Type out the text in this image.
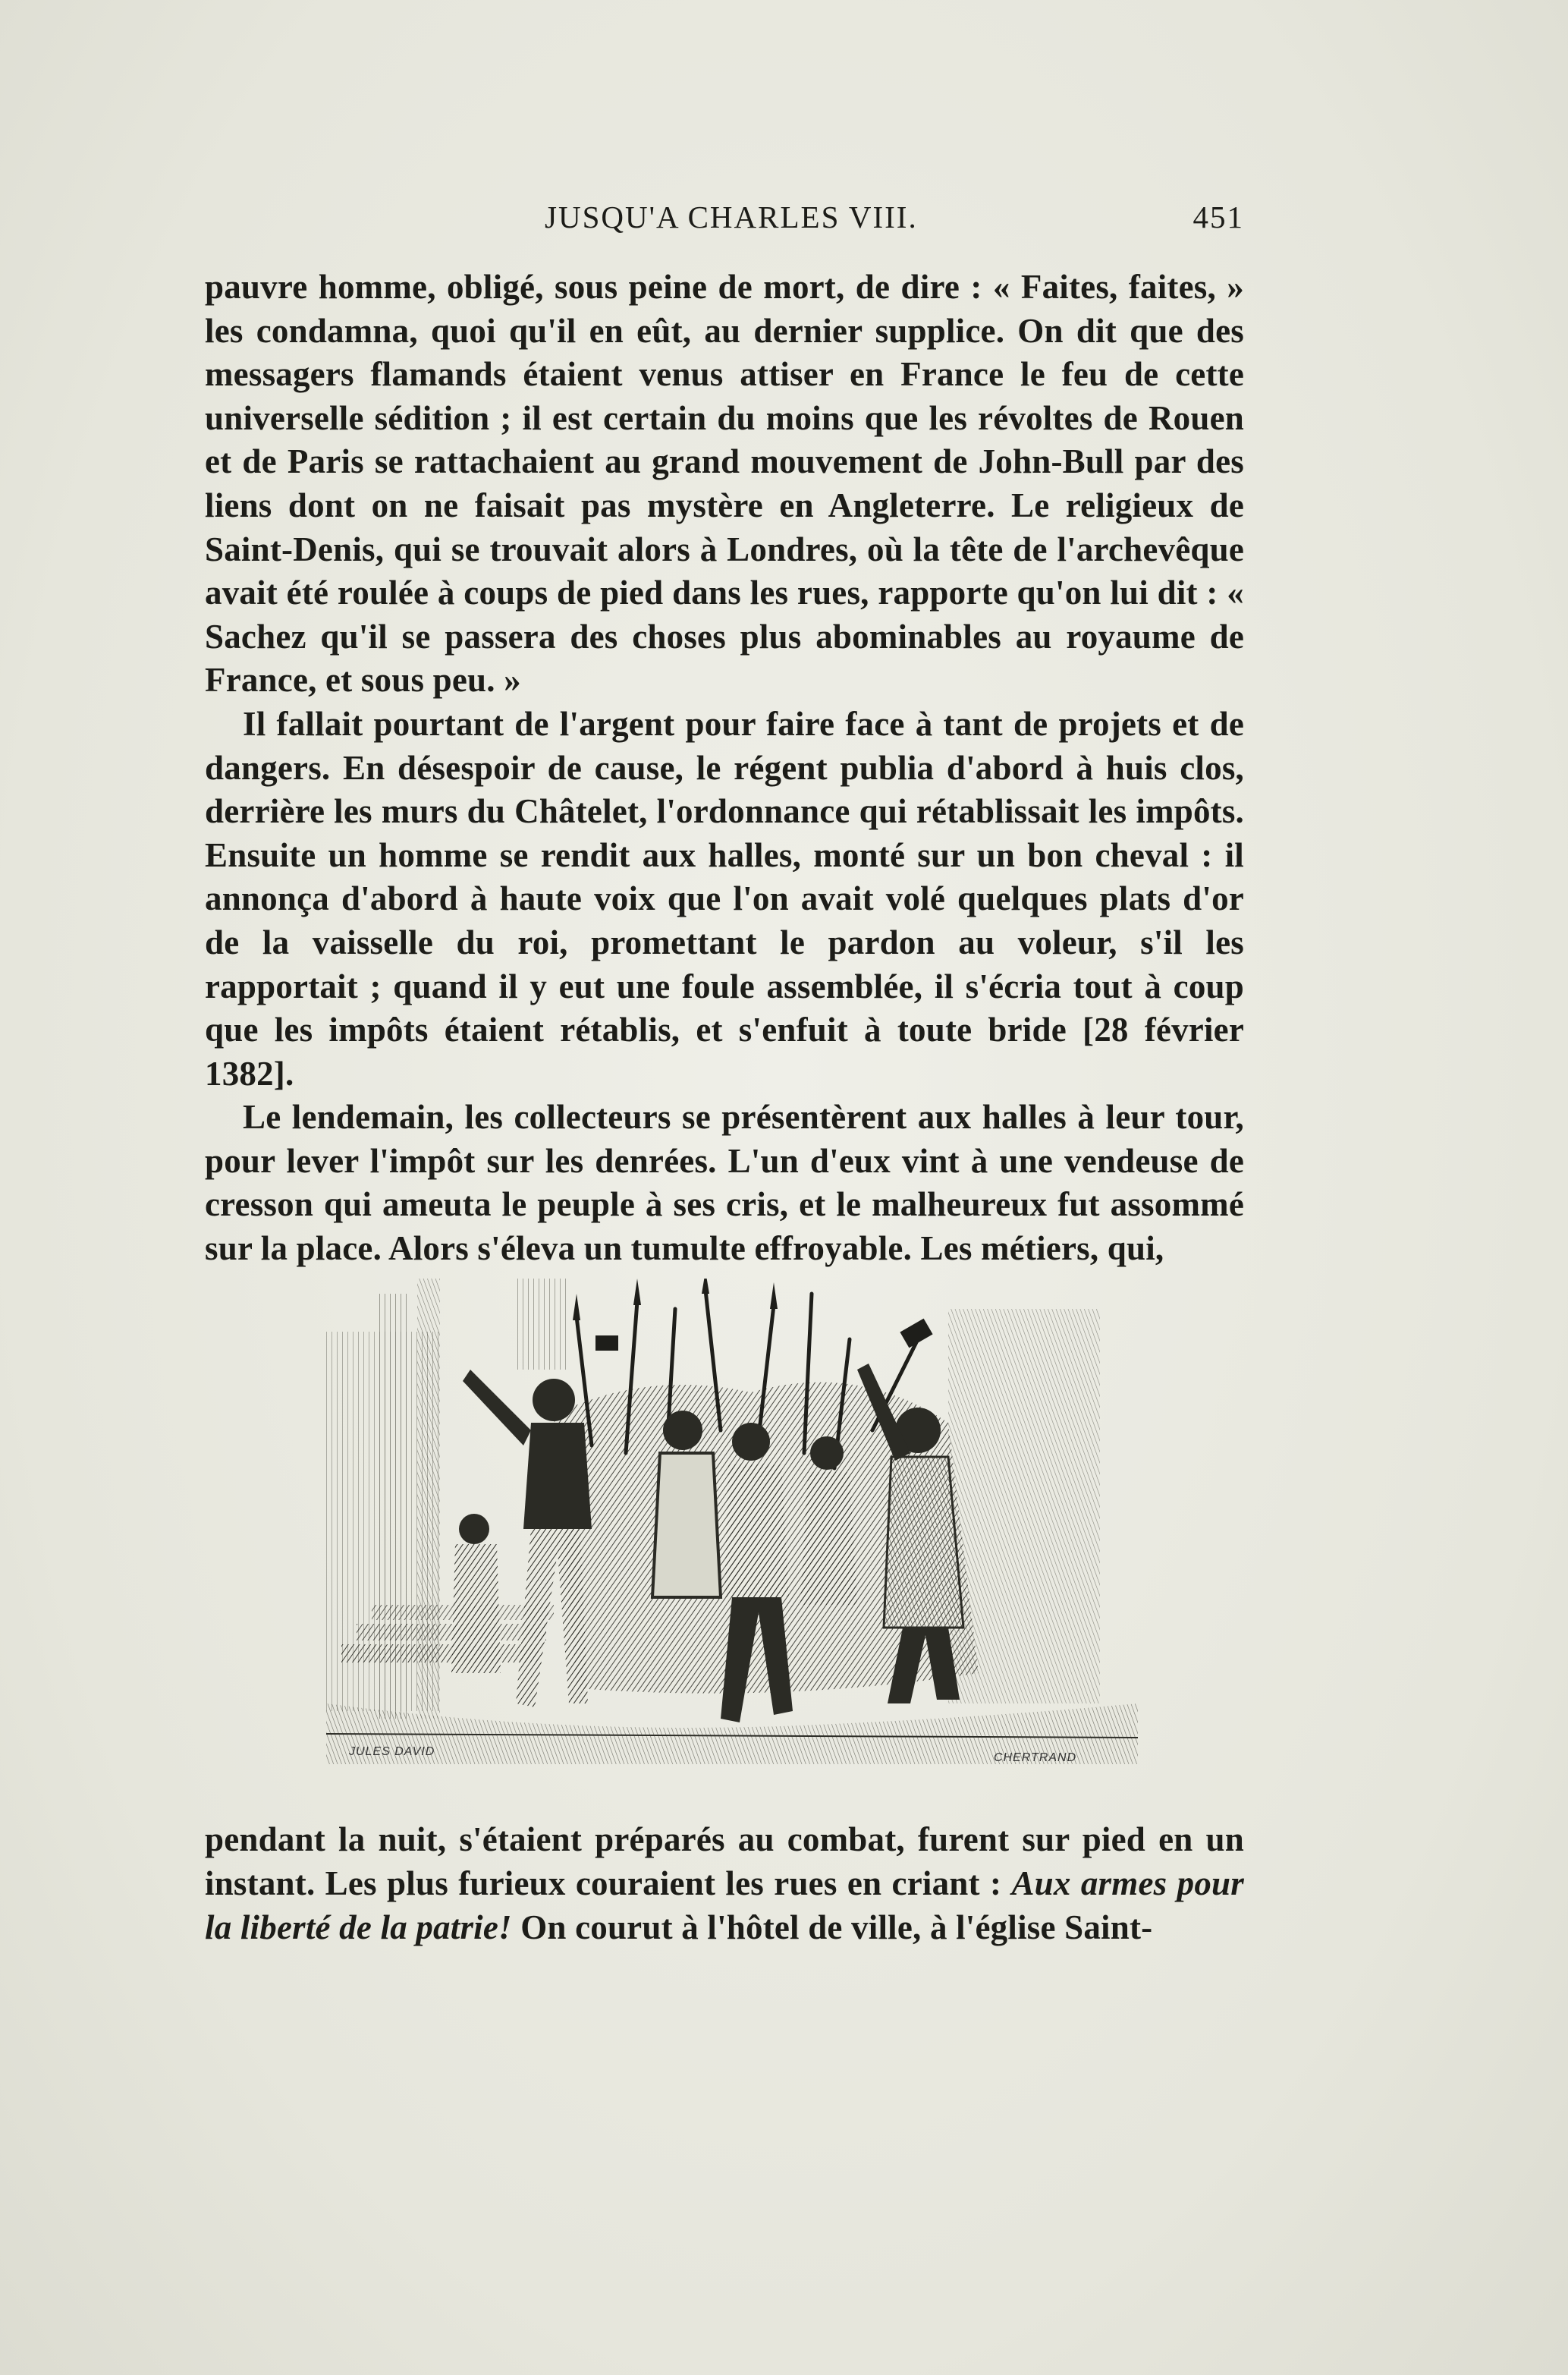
JUSQU'A CHARLES VIII.	451

pauvre homme, obligé, sous peine de mort, de dire : « Faites, faites, » les condamna, quoi qu'il en eût, au dernier supplice. On dit que des messagers flamands étaient venus attiser en France le feu de cette universelle sédition ; il est certain du moins que les révoltes de Rouen et de Paris se rattachaient au grand mouvement de John-Bull par des liens dont on ne faisait pas mystère en Angleterre. Le religieux de Saint-Denis, qui se trouvait alors à Londres, où la tête de l'archevêque avait été roulée à coups de pied dans les rues, rapporte qu'on lui dit : « Sachez qu'il se passera des choses plus abominables au royaume de France, et sous peu. »

Il fallait pourtant de l'argent pour faire face à tant de projets et de dangers. En désespoir de cause, le régent publia d'abord à huis clos, derrière les murs du Châtelet, l'ordonnance qui rétablissait les impôts. Ensuite un homme se rendit aux halles, monté sur un bon cheval : il annonça d'abord à haute voix que l'on avait volé quelques plats d'or de la vaisselle du roi, promettant le pardon au voleur, s'il les rapportait ; quand il y eut une foule assemblée, il s'écria tout à coup que les impôts étaient rétablis, et s'enfuit à toute bride [28 février 1382].

Le lendemain, les collecteurs se présentèrent aux halles à leur tour, pour lever l'impôt sur les denrées. L'un d'eux vint à une vendeuse de cresson qui ameuta le peuple à ses cris, et le malheureux fut assommé sur la place. Alors s'éleva un tumulte effroyable. Les métiers, qui,

JULES DAVID	CHERTRAND

pendant la nuit, s'étaient préparés au combat, furent sur pied en un instant. Les plus furieux couraient les rues en criant : Aux armes pour la liberté de la patrie! On courut à l'hôtel de ville, à l'église Saint-
